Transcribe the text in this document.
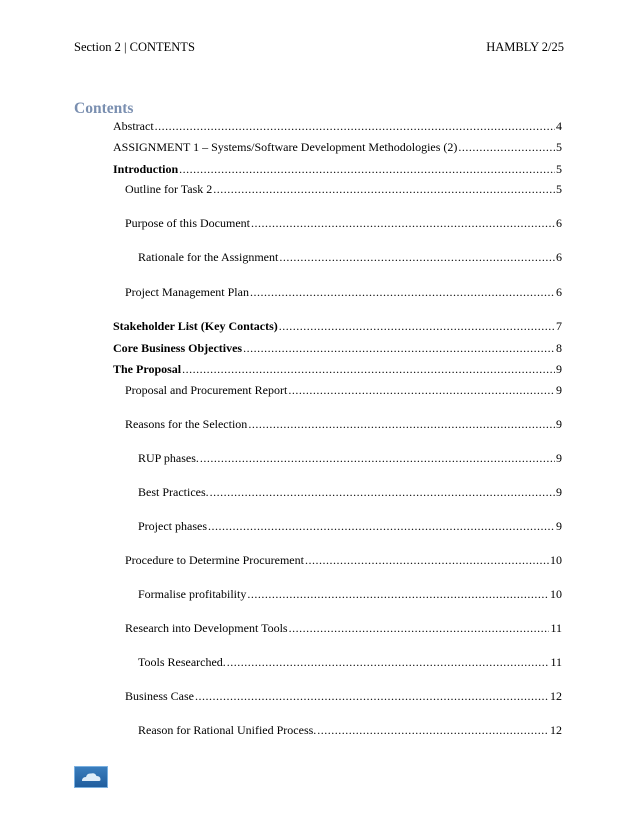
Section 2 | CONTENTS	HAMBLY 2/25
Contents
Abstract .....	4
ASSIGNMENT 1 – Systems/Software Development Methodologies (2) .....	5
Introduction .....	5
Outline for Task 2 .....	5
Purpose of this Document .....	6
Rationale for the Assignment .....	6
Project Management Plan .....	6
Stakeholder List (Key Contacts) .....	7
Core Business Objectives .....	8
The Proposal .....	9
Proposal and Procurement Report .....	9
Reasons for the Selection .....	9
RUP phases. .....	9
Best Practices. .....	9
Project phases .....	9
Procedure to Determine Procurement .....	10
Formalise profitability .....	10
Research into Development Tools .....	11
Tools Researched. .....	11
Business Case .....	12
Reason for Rational Unified Process. .....	12
